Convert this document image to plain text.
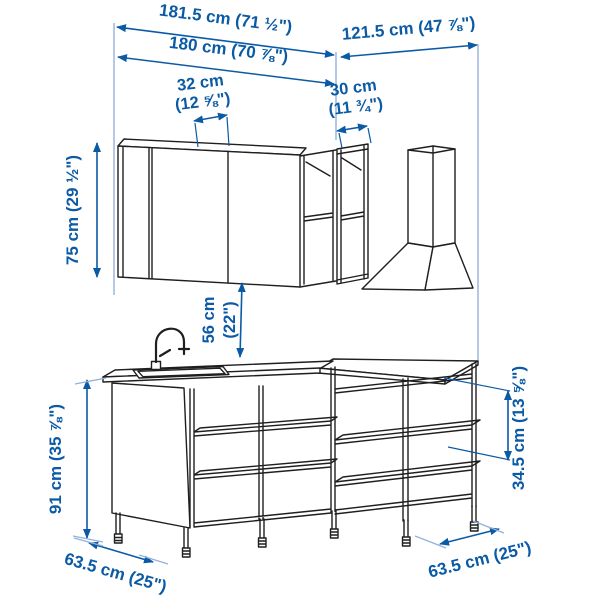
181.5 cm (71 ½")
180 cm (70 ⅞")
121.5 cm (47 ⅞")
32 cm(12 ⅝")
30 cm(11 ¾")
75 cm (29 ½")
56 cm (22")
91 cm (35 ⅞")	34.5 cm (13 ⅝")
63.5 cm (25")	63.5 cm (25")
